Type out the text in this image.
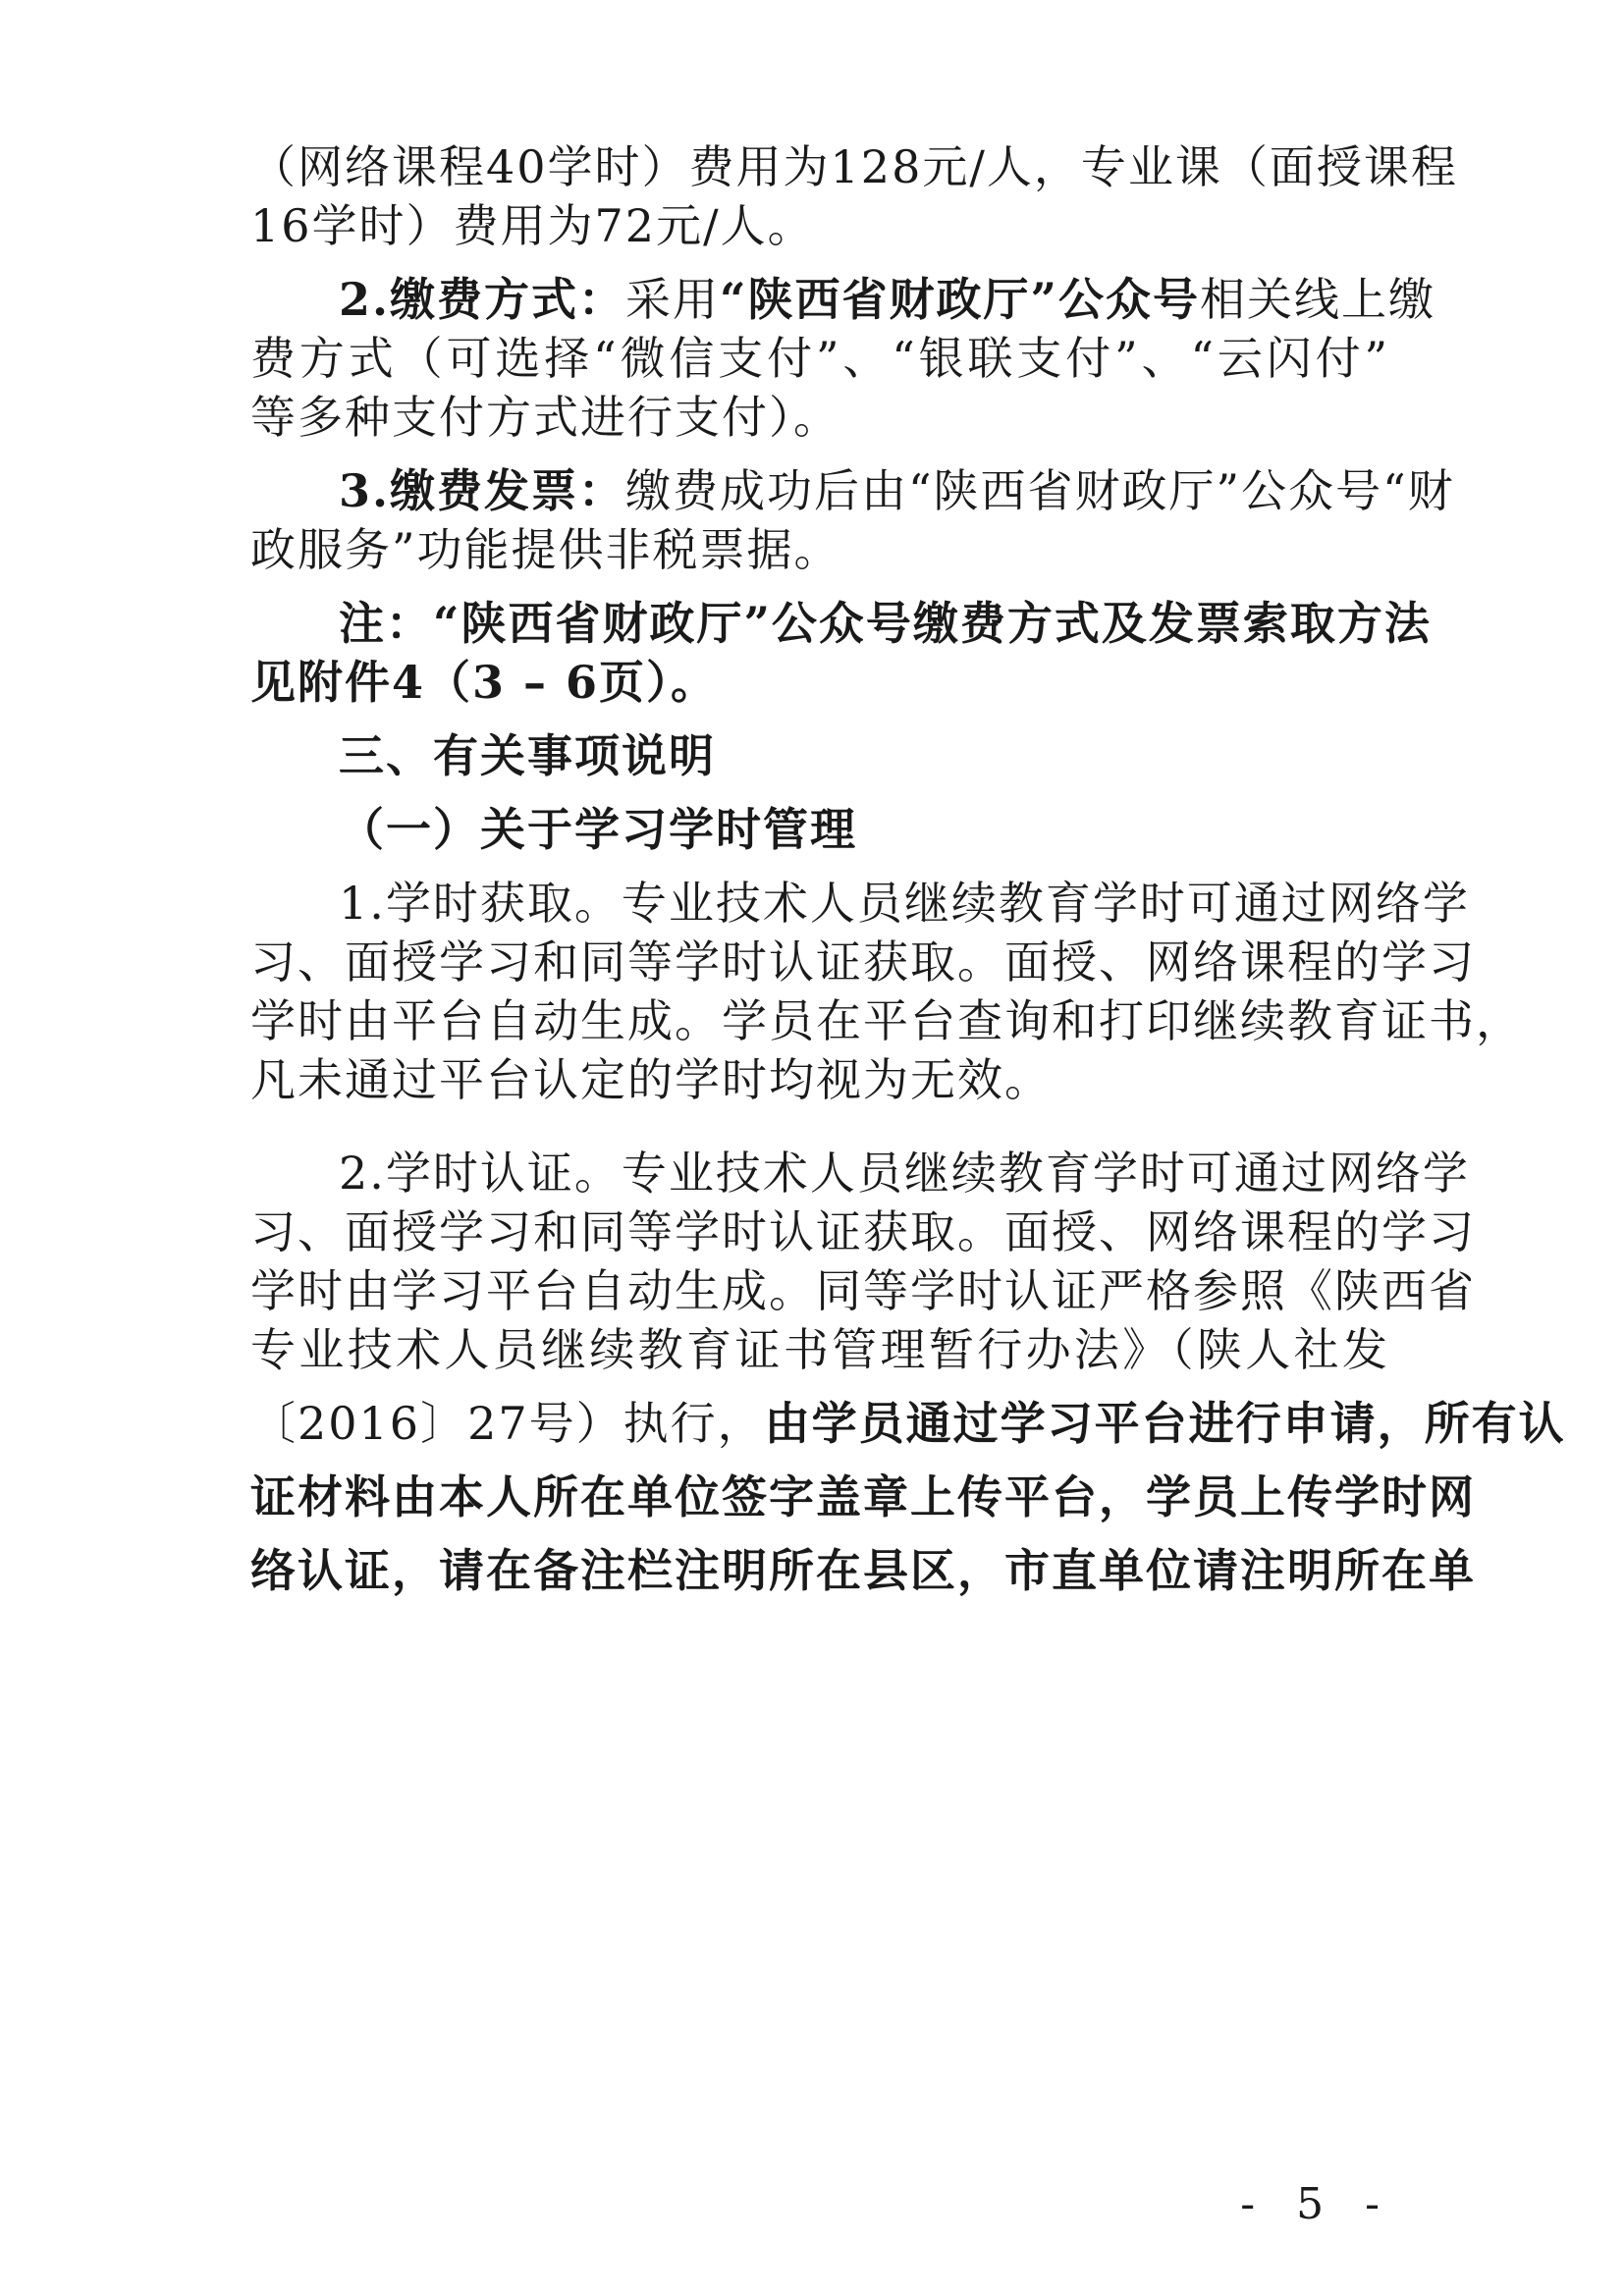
（网络课程40学时）费用为128元/人，专业课（面授课程
16学时）费用为72元/人。
2.缴费方式：采用“陕西省财政厅”公众号相关线上缴
费方式（可选择“微信支付”、“银联支付”、“云闪付”
等多种支付方式进行支付）。
3.缴费发票：缴费成功后由“陕西省财政厅”公众号“财
政服务”功能提供非税票据。
注：“陕西省财政厅”公众号缴费方式及发票索取方法
见附件4（3 – 6页）。
三、有关事项说明
（一）关于学习学时管理
1.学时获取。专业技术人员继续教育学时可通过网络学
习、面授学习和同等学时认证获取。面授、网络课程的学习
学时由平台自动生成。学员在平台查询和打印继续教育证书，
凡未通过平台认定的学时均视为无效。
2.学时认证。专业技术人员继续教育学时可通过网络学
习、面授学习和同等学时认证获取。面授、网络课程的学习
学时由学习平台自动生成。同等学时认证严格参照《陕西省
专业技术人员继续教育证书管理暂行办法》（陕人社发
〔2016〕27号）执行，由学员通过学习平台进行申请，所有认
证材料由本人所在单位签字盖章上传平台，学员上传学时网
络认证，请在备注栏注明所在县区，市直单位请注明所在单
- 5 -
